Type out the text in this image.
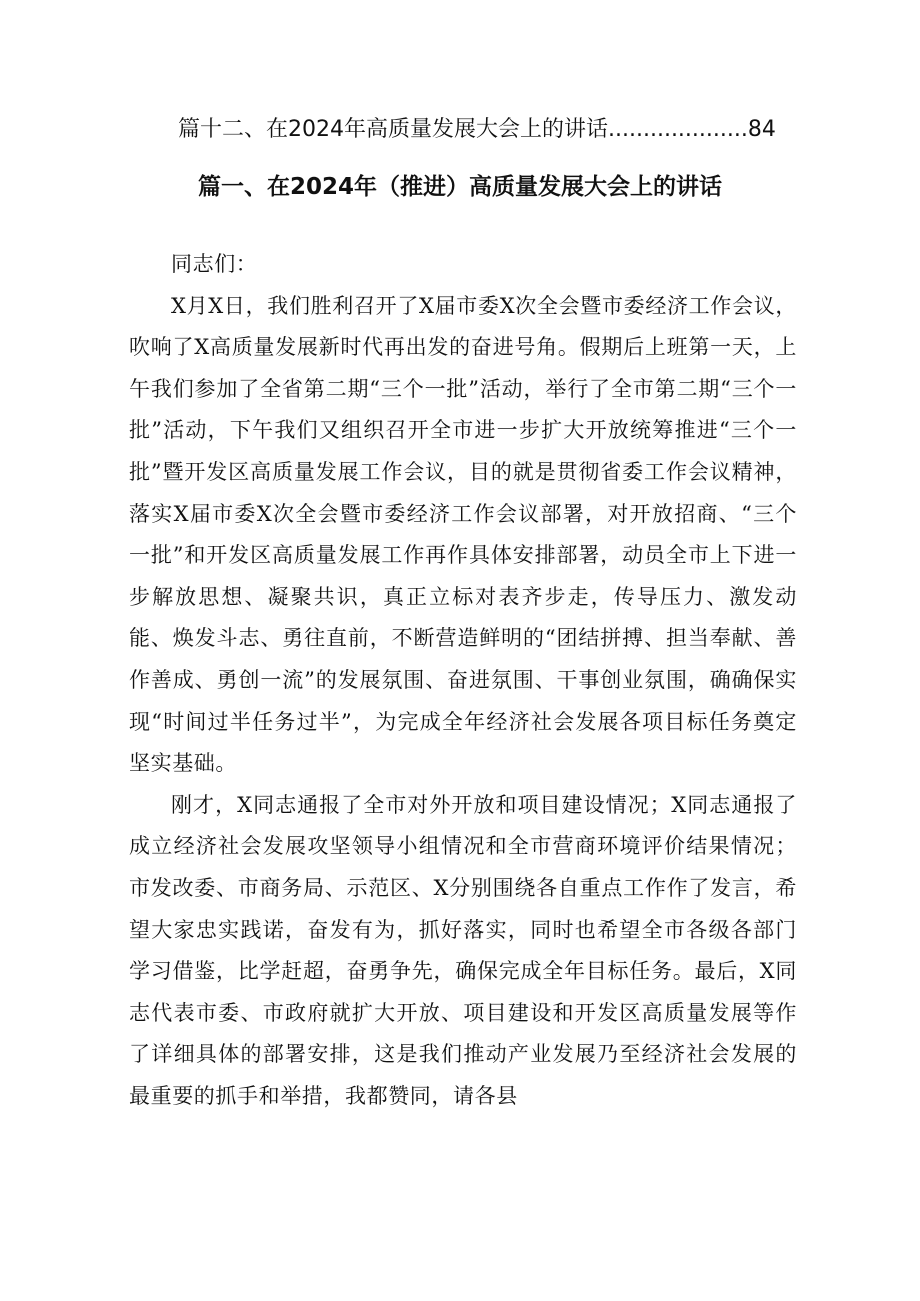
篇十二、在2024年高质量发展大会上的讲话....................84
篇一、在2024年（推进）高质量发展大会上的讲话

同志们：

X月X日，我们胜利召开了X届市委X次全会暨市委经济工作会议，吹响了X高质量发展新时代再出发的奋进号角。假期后上班第一天，上午我们参加了全省第二期“三个一批”活动，举行了全市第二期“三个一批”活动，下午我们又组织召开全市进一步扩大开放统筹推进“三个一批”暨开发区高质量发展工作会议，目的就是贯彻省委工作会议精神，落实X届市委X次全会暨市委经济工作会议部署，对开放招商、“三个一批”和开发区高质量发展工作再作具体安排部署，动员全市上下进一步解放思想、凝聚共识，真正立标对表齐步走，传导压力、激发动能、焕发斗志、勇往直前，不断营造鲜明的“团结拼搏、担当奉献、善作善成、勇创一流”的发展氛围、奋进氛围、干事创业氛围，确确保实现“时间过半任务过半”，为完成全年经济社会发展各项目标任务奠定坚实基础。

刚才，X同志通报了全市对外开放和项目建设情况；X同志通报了成立经济社会发展攻坚领导小组情况和全市营商环境评价结果情况；市发改委、市商务局、示范区、X分别围绕各自重点工作作了发言，希望大家忠实践诺，奋发有为，抓好落实，同时也希望全市各级各部门学习借鉴，比学赶超，奋勇争先，确保完成全年目标任务。最后，X同志代表市委、市政府就扩大开放、项目建设和开发区高质量发展等作了详细具体的部署安排，这是我们推动产业发展乃至经济社会发展的最重要的抓手和举措，我都赞同，请各县
